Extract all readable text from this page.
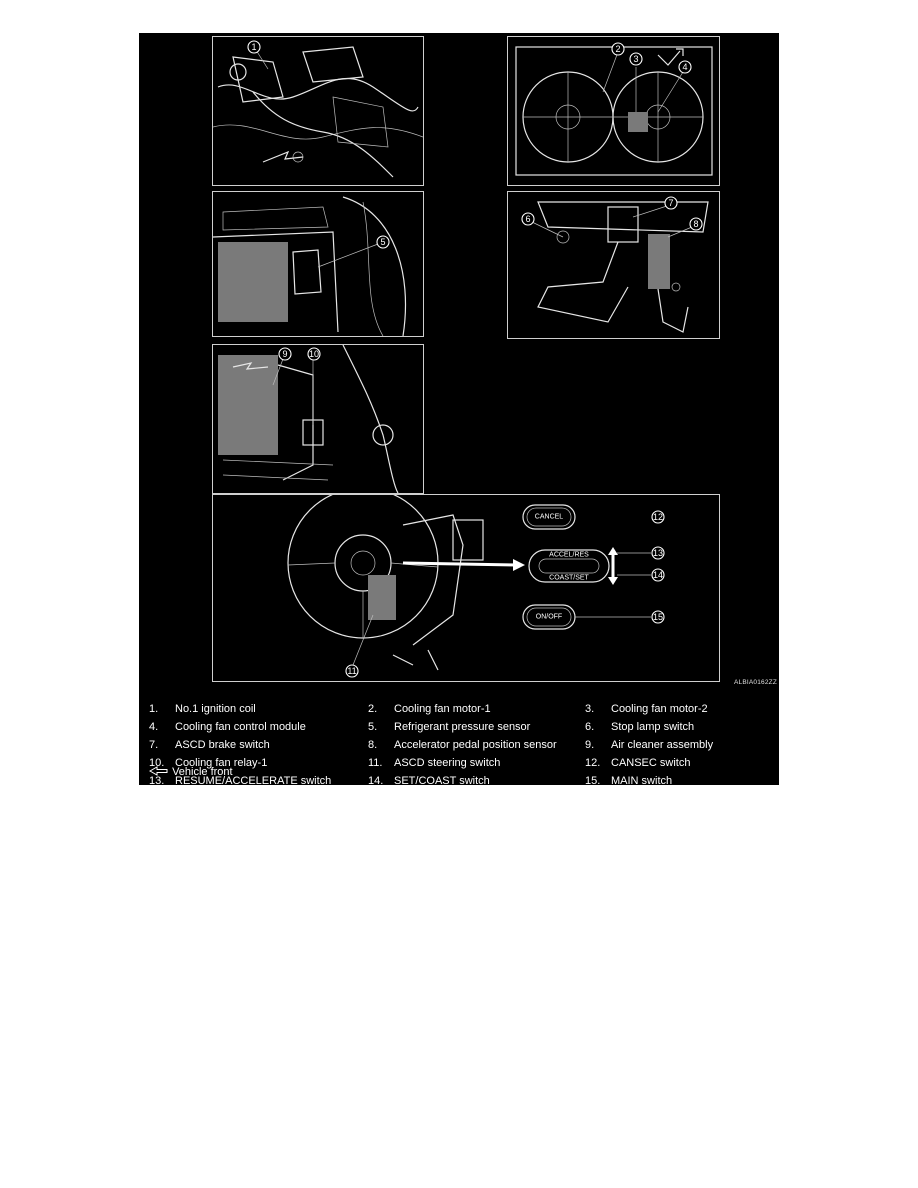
1	2
3
4
5
6
7
8
9 10
11
CANCEL
ACCEL/RES
COAST/SET
ON/OFF
12
13
14
15
ALBIA0162ZZ
1. No.1 ignition coil	2. Cooling fan motor-1	3. Cooling fan motor-2
4. Cooling fan control module	5. Refrigerant pressure sensor	6. Stop lamp switch
7. ASCD brake switch	8. Accelerator pedal position sensor	9. Air cleaner assembly
10. Cooling fan relay-1	11. ASCD steering switch	12. CANSEC switch
13. RESUME/ACCELERATE switch	14. SET/COAST switch	15. MAIN switch
Vehicle front
